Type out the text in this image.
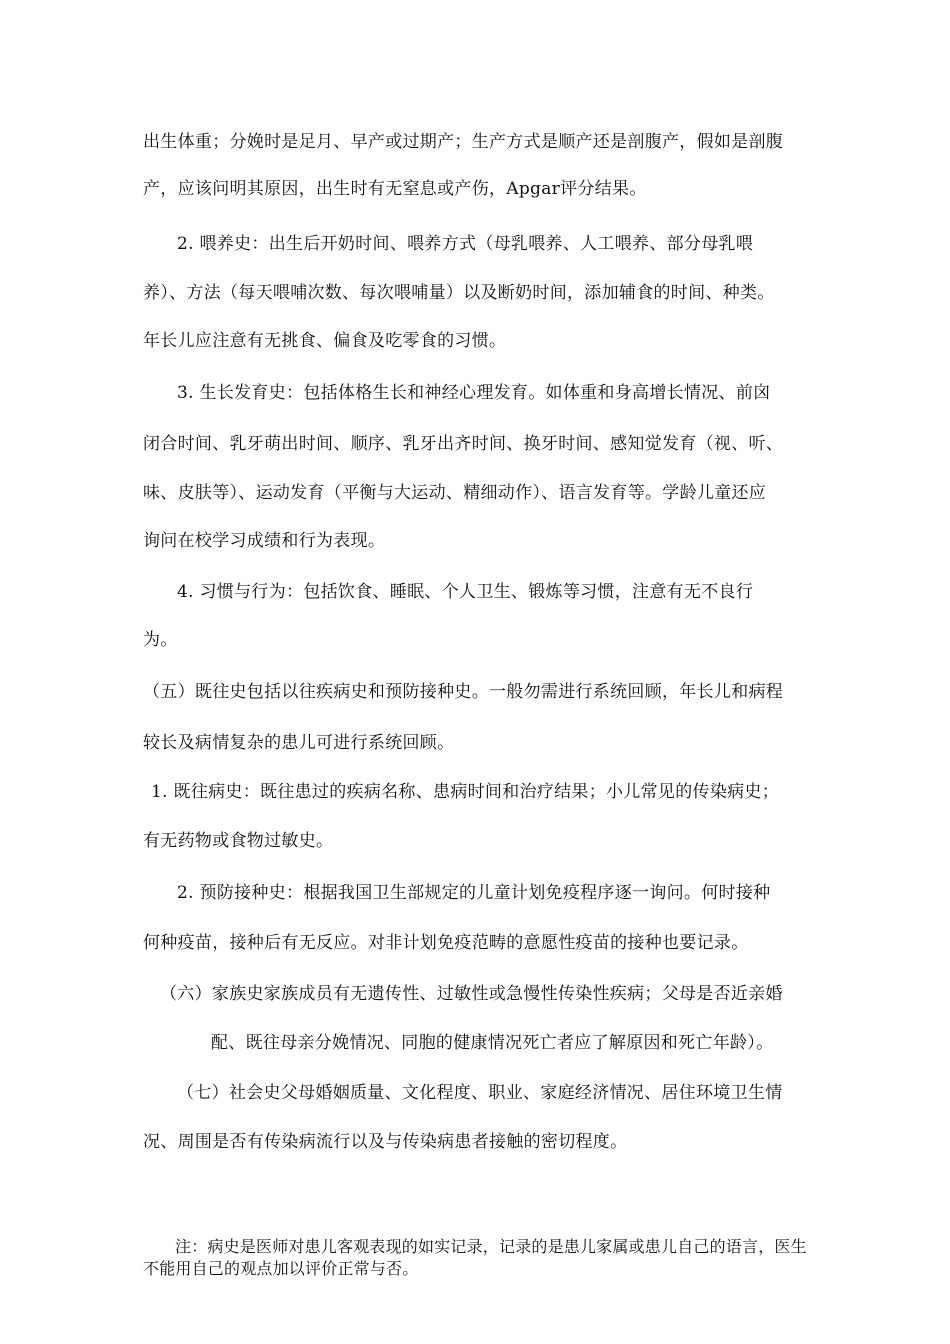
出生体重；分娩时是足月、早产或过期产；生产方式是顺产还是剖腹产，假如是剖腹
产，应该问明其原因，出生时有无窒息或产伤，Apgar评分结果。
2. 喂养史：出生后开奶时间、喂养方式（母乳喂养、人工喂养、部分母乳喂
养）、方法（每天喂哺次数、每次喂哺量）以及断奶时间，添加辅食的时间、种类。
年长儿应注意有无挑食、偏食及吃零食的习惯。
3. 生长发育史：包括体格生长和神经心理发育。如体重和身高增长情况、前囟
闭合时间、乳牙萌出时间、顺序、乳牙出齐时间、换牙时间、感知觉发育（视、听、
味、皮肤等）、运动发育（平衡与大运动、精细动作）、语言发育等。学龄儿童还应
询问在校学习成绩和行为表现。
4. 习惯与行为：包括饮食、睡眠、个人卫生、锻炼等习惯，注意有无不良行
为。
（五）既往史包括以往疾病史和预防接种史。一般勿需进行系统回顾，年长儿和病程
较长及病情复杂的患儿可进行系统回顾。
1. 既往病史：既往患过的疾病名称、患病时间和治疗结果；小儿常见的传染病史；
有无药物或食物过敏史。
2. 预防接种史：根据我国卫生部规定的儿童计划免疫程序逐一询问。何时接种
何种疫苗，接种后有无反应。对非计划免疫范畴的意愿性疫苗的接种也要记录。
（六）家族史家族成员有无遗传性、过敏性或急慢性传染性疾病；父母是否近亲婚
配、既往母亲分娩情况、同胞的健康情况死亡者应了解原因和死亡年龄）。
（七）社会史父母婚姻质量、文化程度、职业、家庭经济情况、居住环境卫生情
况、周围是否有传染病流行以及与传染病患者接触的密切程度。
注：病史是医师对患儿客观表现的如实记录，记录的是患儿家属或患儿自己的语言，医生不能用自己的观点加以评价正常与否。
